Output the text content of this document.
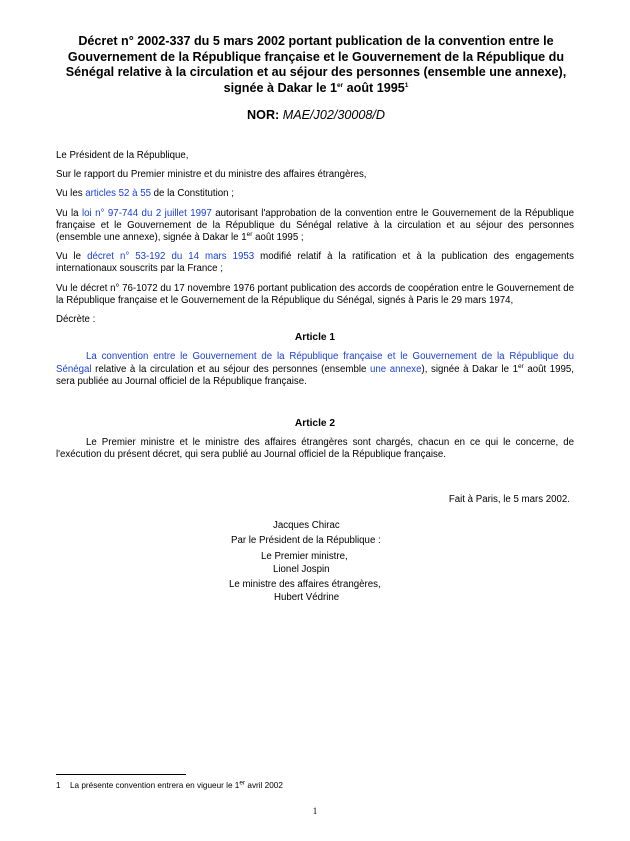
Décret n° 2002-337 du 5 mars 2002 portant publication de la convention entre le
Gouvernement de la République française et le Gouvernement de la République du
Sénégal relative à la circulation et au séjour des personnes (ensemble une annexe),
signée à Dakar le 1er août 1995$^1$
NOR: MAE/J02/30008/D

Le Président de la République,

Sur le rapport du Premier ministre et du ministre des affaires étrangères,

Vu les articles 52 à 55 de la Constitution ;

Vu la loi n° 97-744 du 2 juillet 1997 autorisant l'approbation de la convention entre le Gouvernement de la République française et le Gouvernement de la République du Sénégal relative à la circulation et au séjour des personnes (ensemble une annexe), signée à Dakar le 1er août 1995 ;

Vu le décret n° 53-192 du 14 mars 1953 modifié relatif à la ratification et à la publication des engagements internationaux souscrits par la France ;

Vu le décret n° 76-1072 du 17 novembre 1976 portant publication des accords de coopération entre le Gouvernement de la République française et le Gouvernement de la République du Sénégal, signés à Paris le 29 mars 1974,

Décrète :

Article 1

La convention entre le Gouvernement de la République française et le Gouvernement de la République du Sénégal relative à la circulation et au séjour des personnes (ensemble une annexe), signée à Dakar le 1er août 1995, sera publiée au Journal officiel de la République française.

Article 2

Le Premier ministre et le ministre des affaires étrangères sont chargés, chacun en ce qui le concerne, de l'exécution du présent décret, qui sera publié au Journal officiel de la République française.

Fait à Paris, le 5 mars 2002.

Jacques Chirac
Par le Président de la République :
Le Premier ministre,
Lionel Jospin
Le ministre des affaires étrangères,
Hubert Védrine
1 La présente convention entrera en vigueur le 1er avril 2002
1
